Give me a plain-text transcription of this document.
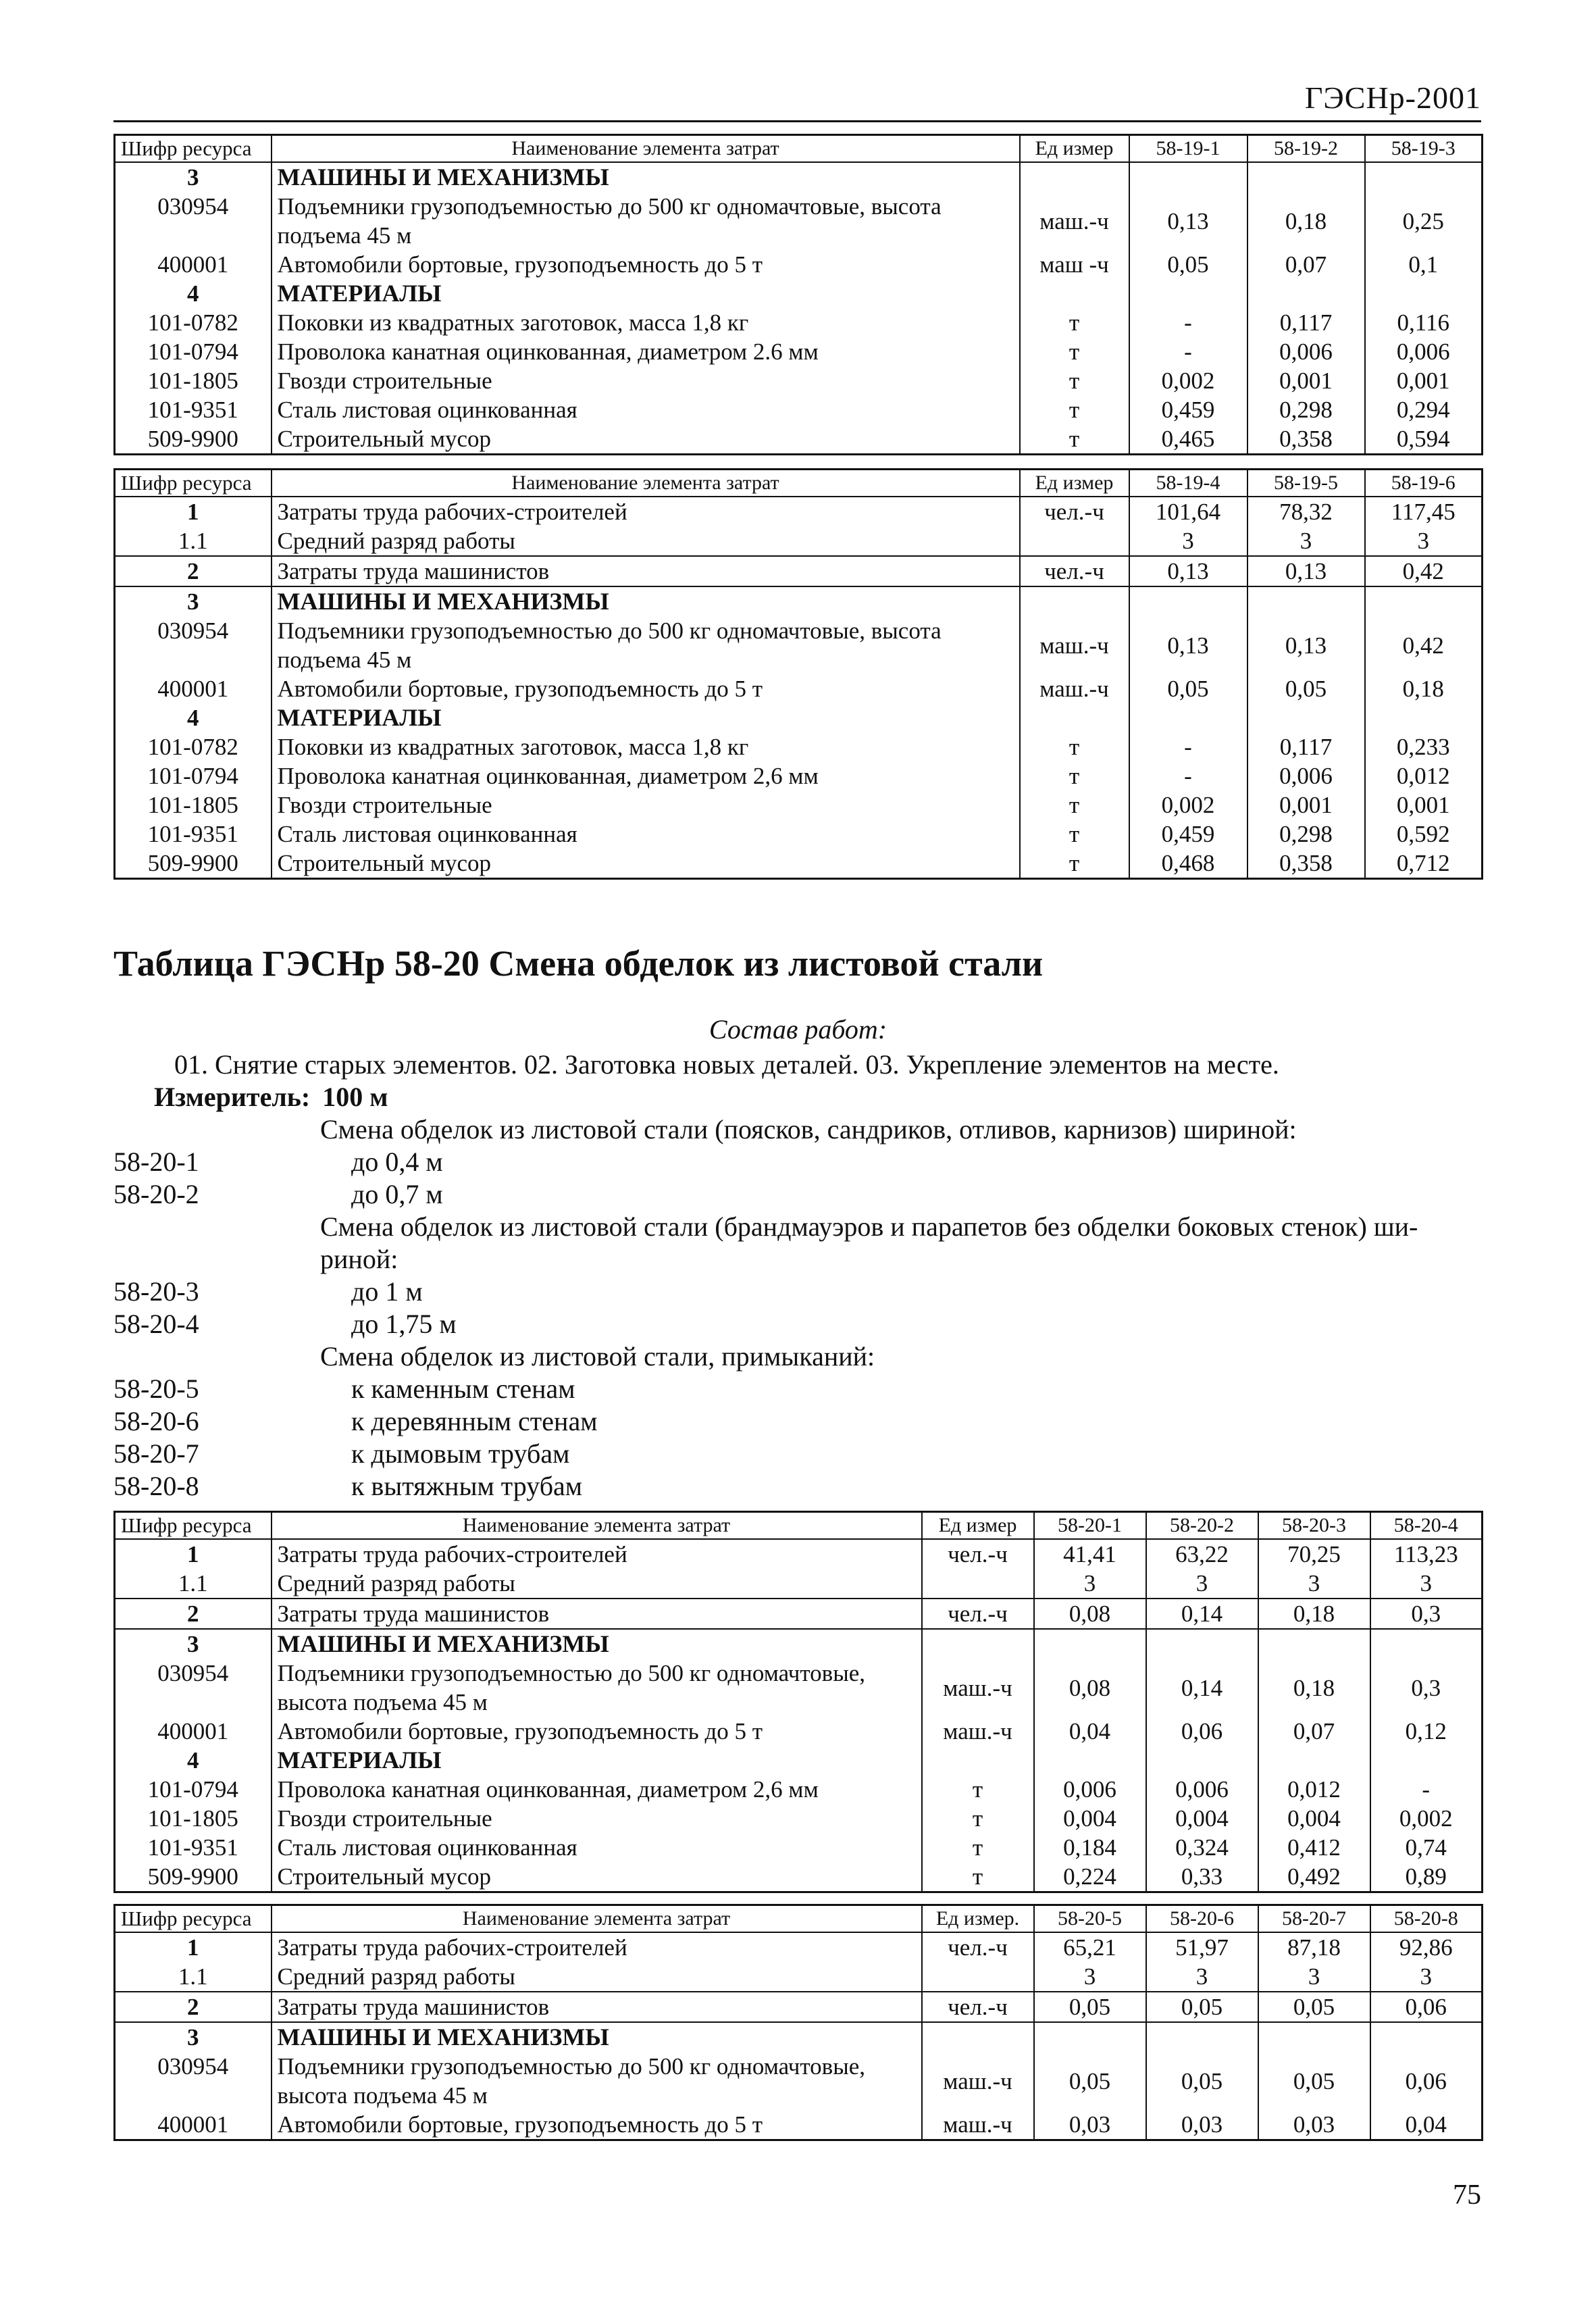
ГЭСНр-2001
Шифр ресурса	Наименование элемента затрат	Ед измер	58-19-1	58-19-2	58-19-3
3	МАШИНЫ И МЕХАНИЗМЫ				
030954	Подъемники грузоподъемностью до 500 кг одномачтовые, высота подъема 45 м	маш.-ч	0,13	0,18	0,25
400001	Автомобили бортовые, грузоподъемность до 5 т	маш -ч	0,05	0,07	0,1
4	МАТЕРИАЛЫ				
101-0782	Поковки из квадратных заготовок, масса 1,8 кг	т	-	0,117	0,116
101-0794	Проволока канатная оцинкованная, диаметром 2.6 мм	т	-	0,006	0,006
101-1805	Гвозди строительные	т	0,002	0,001	0,001
101-9351	Сталь листовая оцинкованная	т	0,459	0,298	0,294
509-9900	Строительный мусор	т	0,465	0,358	0,594
Шифр ресурса	Наименование элемента затрат	Ед измер	58-19-4	58-19-5	58-19-6
1	Затраты труда рабочих-строителей	чел.-ч	101,64	78,32	117,45
1.1	Средний разряд работы		3	3	3
2	Затраты труда машинистов	чел.-ч	0,13	0,13	0,42
3	МАШИНЫ И МЕХАНИЗМЫ				
030954	Подъемники грузоподъемностью до 500 кг одномачтовые, высота подъема 45 м	маш.-ч	0,13	0,13	0,42
400001	Автомобили бортовые, грузоподъемность до 5 т	маш.-ч	0,05	0,05	0,18
4	МАТЕРИАЛЫ				
101-0782	Поковки из квадратных заготовок, масса 1,8 кг	т	-	0,117	0,233
101-0794	Проволока канатная оцинкованная, диаметром 2,6 мм	т	-	0,006	0,012
101-1805	Гвозди строительные	т	0,002	0,001	0,001
101-9351	Сталь листовая оцинкованная	т	0,459	0,298	0,592
509-9900	Строительный мусор	т	0,468	0,358	0,712
Таблица ГЭСНр 58-20 Смена обделок из листовой стали
Состав работ:
01. Снятие старых элементов. 02. Заготовка новых деталей. 03. Укрепление элементов на месте.
Измеритель: 100 м
Смена обделок из листовой стали (поясков, сандриков, отливов, карнизов) шириной:
58-20-1	до 0,4 м
58-20-2	до 0,7 м
Смена обделок из листовой стали (брандмауэров и парапетов без обделки боковых стенок) ши-
риной:
58-20-3	до 1 м
58-20-4	до 1,75 м
Смена обделок из листовой стали, примыканий:
58-20-5	к каменным стенам
58-20-6	к деревянным стенам
58-20-7	к дымовым трубам
58-20-8	к вытяжным трубам
Шифр ресурса	Наименование элемента затрат	Ед измер	58-20-1	58-20-2	58-20-3	58-20-4
1	Затраты труда рабочих-строителей	чел.-ч	41,41	63,22	70,25	113,23
1.1	Средний разряд работы		3	3	3	3
2	Затраты труда машинистов	чел.-ч	0,08	0,14	0,18	0,3
3	МАШИНЫ И МЕХАНИЗМЫ					
030954	Подъемники грузоподъемностью до 500 кг одномачтовые, высота подъема 45 м	маш.-ч	0,08	0,14	0,18	0,3
400001	Автомобили бортовые, грузоподъемность до 5 т	маш.-ч	0,04	0,06	0,07	0,12
4	МАТЕРИАЛЫ					
101-0794	Проволока канатная оцинкованная, диаметром 2,6 мм	т	0,006	0,006	0,012	-
101-1805	Гвозди строительные	т	0,004	0,004	0,004	0,002
101-9351	Сталь листовая оцинкованная	т	0,184	0,324	0,412	0,74
509-9900	Строительный мусор	т	0,224	0,33	0,492	0,89
Шифр ресурса	Наименование элемента затрат	Ед измер.	58-20-5	58-20-6	58-20-7	58-20-8
1	Затраты труда рабочих-строителей	чел.-ч	65,21	51,97	87,18	92,86
1.1	Средний разряд работы		3	3	3	3
2	Затраты труда машинистов	чел.-ч	0,05	0,05	0,05	0,06
3	МАШИНЫ И МЕХАНИЗМЫ					
030954	Подъемники грузоподъемностью до 500 кг одномачтовые, высота подъема 45 м	маш.-ч	0,05	0,05	0,05	0,06
400001	Автомобили бортовые, грузоподъемность до 5 т	маш.-ч	0,03	0,03	0,03	0,04
75
